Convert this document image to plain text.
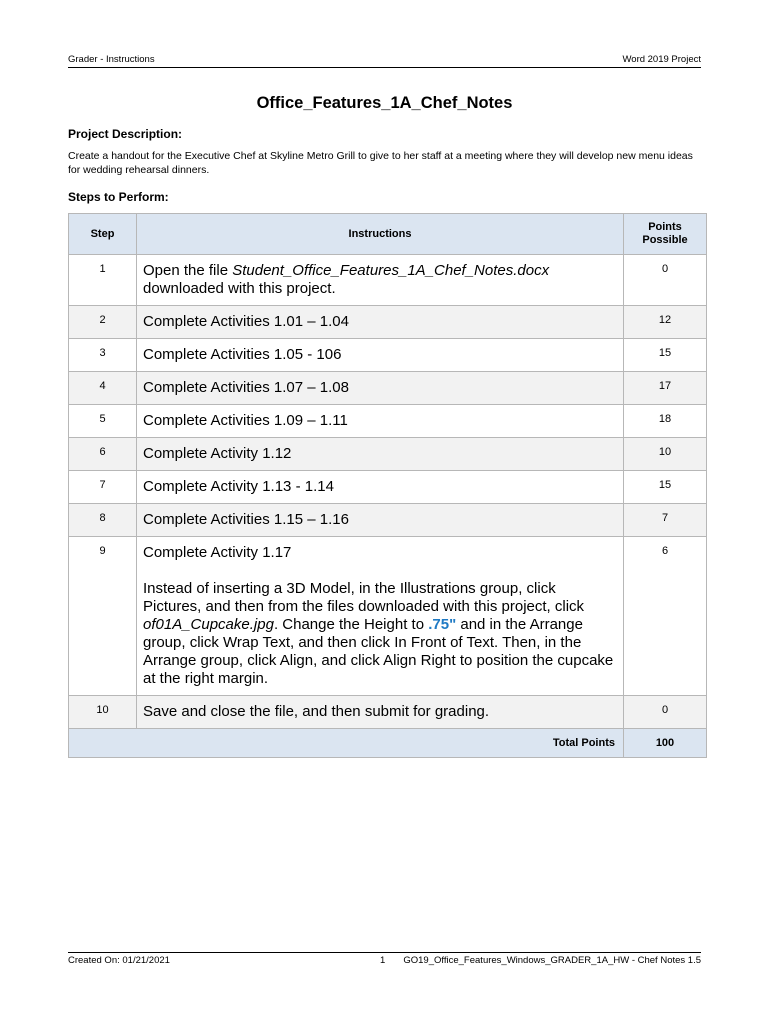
Grader - Instructions	Word 2019 Project
Office_Features_1A_Chef_Notes
Project Description:
Create a handout for the Executive Chef at Skyline Metro Grill to give to her staff at a meeting where they will develop new menu ideas for wedding rehearsal dinners.
Steps to Perform:
Step	Instructions	Points
Possible
1	Open the file Student_Office_Features_1A_Chef_Notes.docx downloaded with this project.	0
2	Complete Activities 1.01 – 1.04	12
3	Complete Activities 1.05 - 106	15
4	Complete Activities 1.07 – 1.08	17
5	Complete Activities 1.09 – 1.11	18
6	Complete Activity 1.12	10
7	Complete Activity 1.13 - 1.14	15
8	Complete Activities 1.15 – 1.16	7
9	Complete Activity 1.17
Instead of inserting a 3D Model, in the Illustrations group, click Pictures, and then from the files downloaded with this project, click of01A_Cupcake.jpg. Change the Height to .75" and in the Arrange group, click Wrap Text, and then click In Front of Text. Then, in the Arrange group, click Align, and click Align Right to position the cupcake at the right margin.	6
10	Save and close the file, and then submit for grading.	0
Total Points		100
Created On: 01/21/2021	1	GO19_Office_Features_Windows_GRADER_1A_HW - Chef Notes 1.5
